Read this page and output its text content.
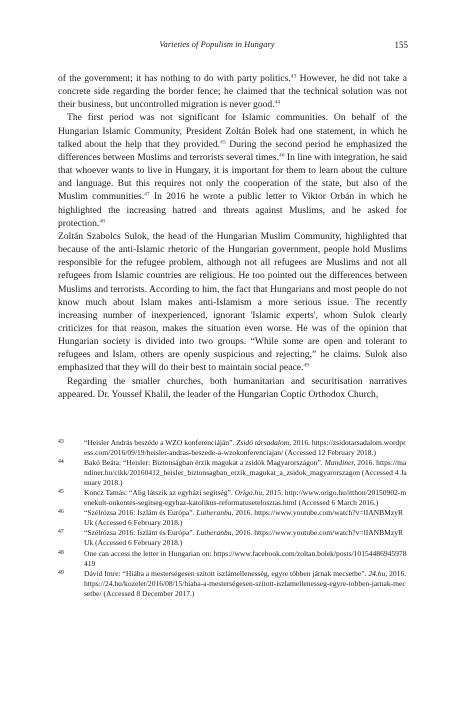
Varieties of Populism in Hungary	155

of the government; it has nothing to do with party politics.$^{43}$ However, he did not take a concrete side regarding the border fence; he claimed that the technical solution was not their business, but uncontrolled migration is never good.$^{44}$

The first period was not significant for Islamic communities. On behalf of the Hungarian Islamic Community, President Zoltán Bolek had one statement, in which he talked about the help that they provided.$^{45}$ During the second period he emphasized the differences between Muslims and terrorists several times.$^{46}$ In line with integration, he said that whoever wants to live in Hungary, it is important for them to learn about the culture and language. But this requires not only the cooperation of the state, but also of the Muslim communities.$^{47}$ In 2016 he wrote a public letter to Viktor Orbán in which he highlighted the increasing hatred and threats against Muslims, and he asked for protection.$^{48}$

Zoltán Szabolcs Sulok, the head of the Hungarian Muslim Community, highlighted that because of the anti-Islamic rhetoric of the Hungarian government, people hold Muslims responsible for the refugee problem, although not all refugees are Muslims and not all refugees from Islamic countries are religious. He too pointed out the differences between Muslims and terrorists. According to him, the fact that Hungarians and most people do not know much about Islam makes anti-Islamism a more serious issue. The recently increasing number of inexperienced, ignorant 'Islamic experts', whom Sulok clearly criticizes for that reason, makes the situation even worse. He was of the opinion that Hungarian society is divided into two groups. “While some are open and tolerant to refugees and Islam, others are openly suspicious and rejecting,” he claims. Sulok also emphasized that they will do their best to maintain social peace.$^{49}$

Regarding the smaller churches, both humanitarian and securitisation narratives appeared. Dr. Youssef Khalil, the leader of the Hungarian Coptic Orthodox Church,

43	“Heisler András beszéde a WZO konferenciáján”. Zsidó társadalom, 2016. https://zsidotarsadalom.wordpress.com/2016/09/19/heisler-andras-beszede-a-wzokonferenciajan/ (Accessed 12 February 2018.)

44	Bakó Beáta: “Heisler: Biztonságban érzik magukat a zsidók Magyarországon”. Mandiner, 2016. https://mandiner.hu/cikk/20160412_heisler_biztonsagban_erzik_magukat_a_zsidok_magyarorszagon (Accessed 4 January 2018.)

45	Koncz Tamás: “Alig látszik az egyházi segítség”. Origo.hu, 2015. http://www.origo.hu/itthon/20150902-menekult-onkentes-segitseg-egyhaz-katolikus-reformatusetelosztas.html (Accessed 6 March 2016.)

46	“Szélrózsa 2016: Iszlám és Európa”. Lutheranbu, 2016. https://www.youtube.com/watch?v=lIANBMzyRUk (Accessed 6 February 2018.)

47	“Szélrózsa 2016: Iszlám és Európa”. Lutheranbu, 2016. https://www.youtube.com/watch?v=lIANBMzyRUk (Accessed 6 February 2018.)

48	One can access the letter in Hungarian on: https://www.facebook.com/zoltan.bolek/posts/10154486945978419

49	Dávid Imre: “Hiába a mesterségesen szított iszlámellenesség, egyre többen járnak mecsetbe”. 24.hu, 2016. https://24.hu/kozelet/2016/08/15/hiaba-a-mesterségesen-szitott-iszlamellenesseg-egyre-tobben-jarnak-mecsetbe/ (Accessed 8 December 2017.)
